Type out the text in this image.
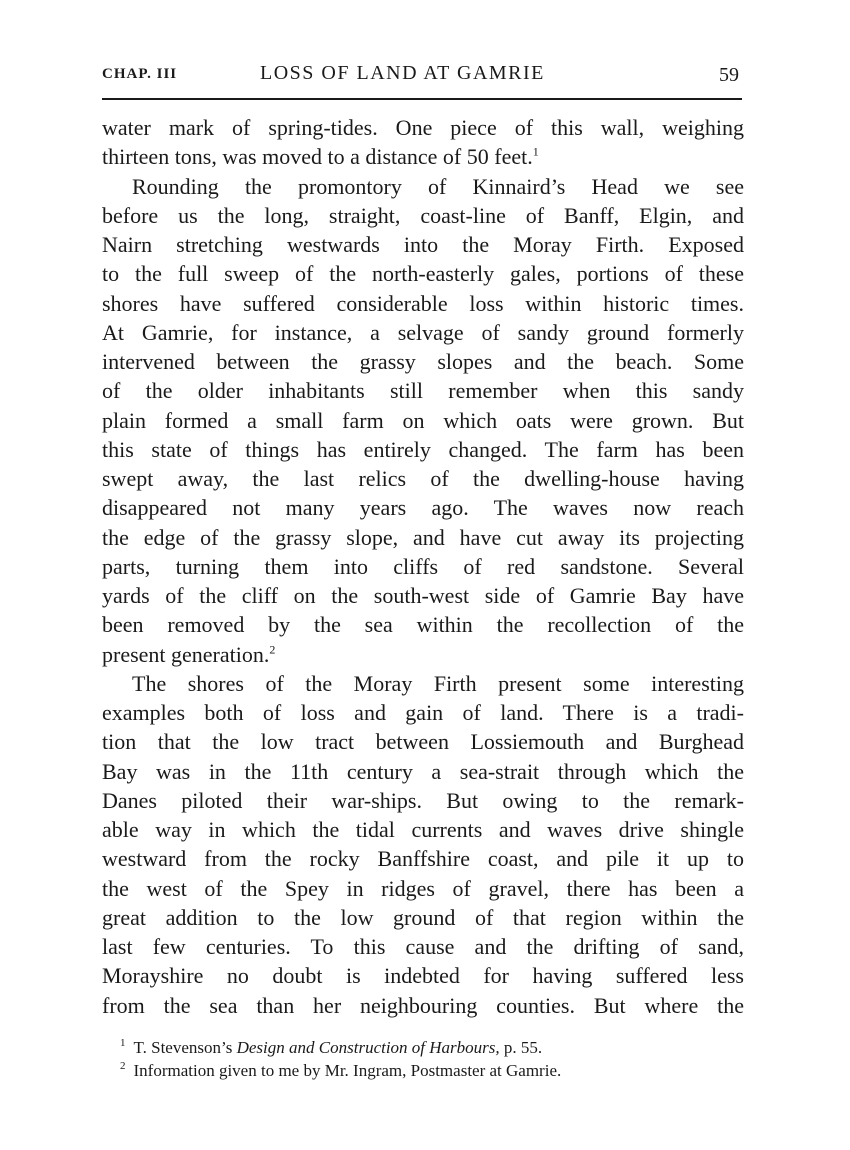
CHAP. III	LOSS OF LAND AT GAMRIE	59
water mark of spring-tides. One piece of this wall, weighing
thirteen tons, was moved to a distance of 50 feet.$^1$
Rounding the promontory of Kinnaird’s Head we see
before us the long, straight, coast-line of Banff, Elgin, and
Nairn stretching westwards into the Moray Firth. Exposed
to the full sweep of the north-easterly gales, portions of these
shores have suffered considerable loss within historic times.
At Gamrie, for instance, a selvage of sandy ground formerly
intervened between the grassy slopes and the beach. Some
of the older inhabitants still remember when this sandy
plain formed a small farm on which oats were grown. But
this state of things has entirely changed. The farm has been
swept away, the last relics of the dwelling-house having
disappeared not many years ago. The waves now reach
the edge of the grassy slope, and have cut away its projecting
parts, turning them into cliffs of red sandstone. Several
yards of the cliff on the south-west side of Gamrie Bay have
been removed by the sea within the recollection of the
present generation.$^2$
The shores of the Moray Firth present some interesting
examples both of loss and gain of land. There is a tradi-
tion that the low tract between Lossiemouth and Burghead
Bay was in the 11th century a sea-strait through which the
Danes piloted their war-ships. But owing to the remark-
able way in which the tidal currents and waves drive shingle
westward from the rocky Banffshire coast, and pile it up to
the west of the Spey in ridges of gravel, there has been a
great addition to the low ground of that region within the
last few centuries. To this cause and the drifting of sand,
Morayshire no doubt is indebted for having suffered less
from the sea than her neighbouring counties. But where the
$^1$ T. Stevenson’s Design and Construction of Harbours, p. 55.
$^2$ Information given to me by Mr. Ingram, Postmaster at Gamrie.
